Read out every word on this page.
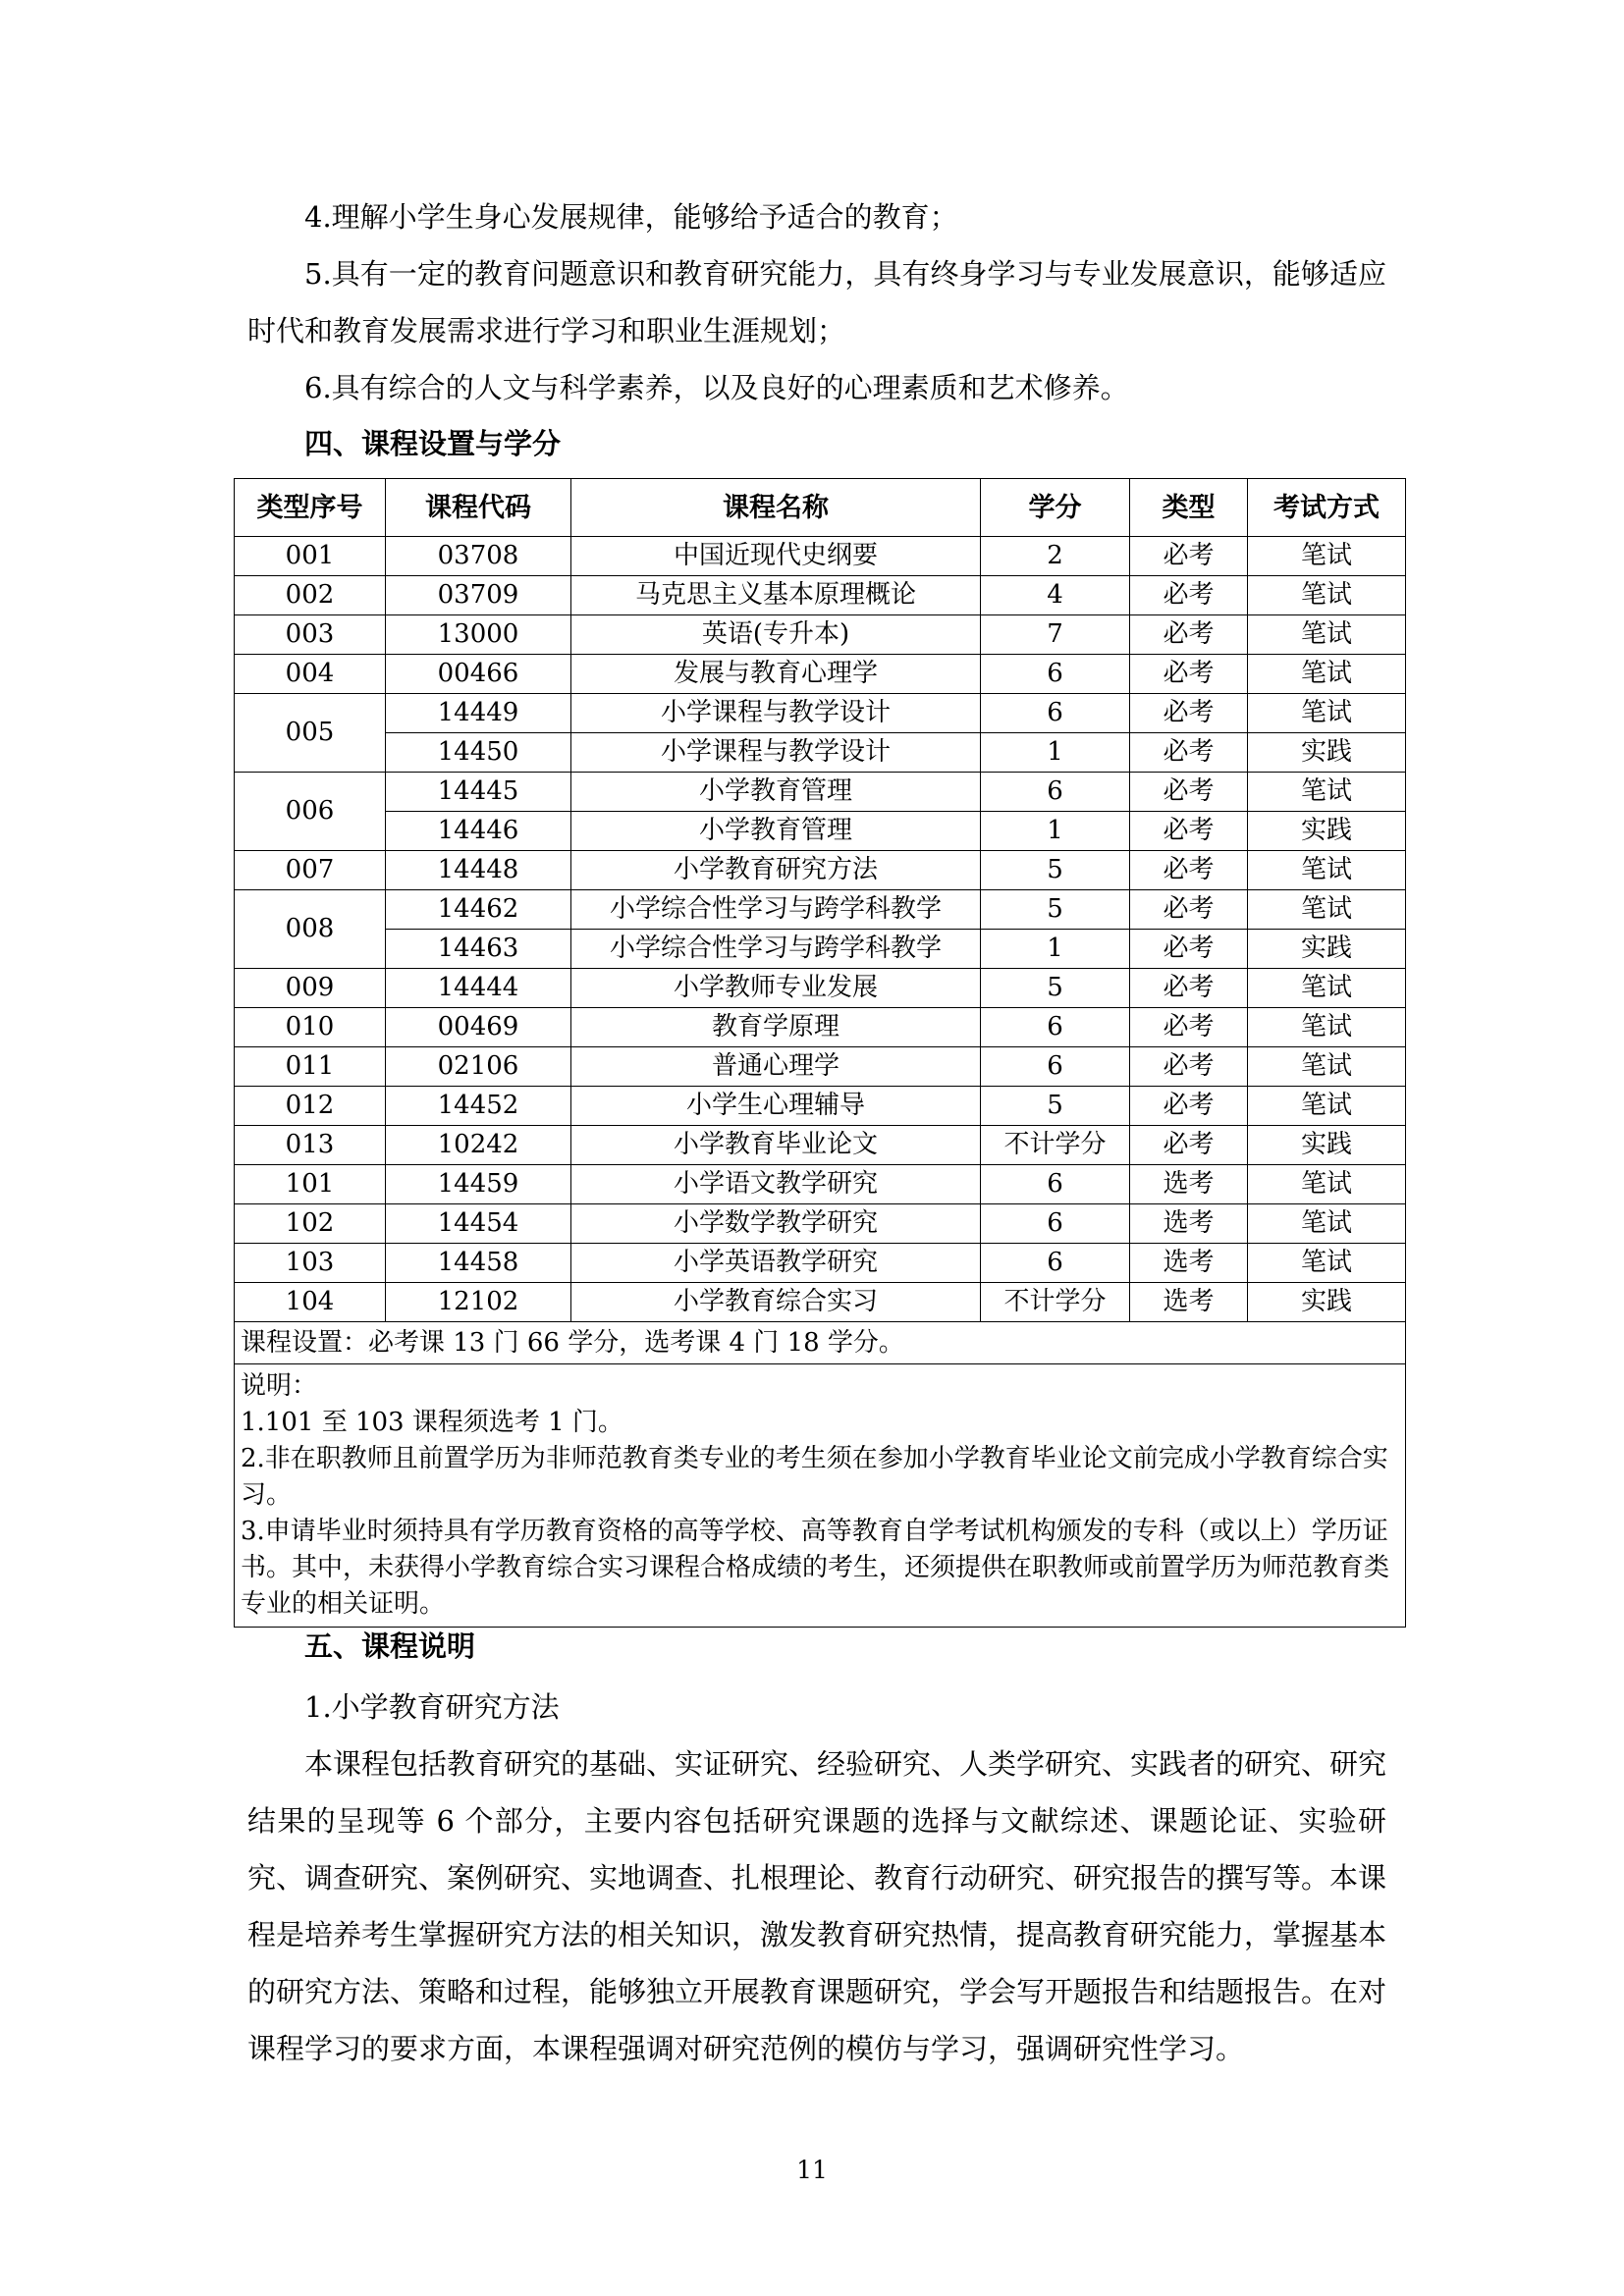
4.理解小学生身心发展规律，能够给予适合的教育；

5.具有一定的教育问题意识和教育研究能力，具有终身学习与专业发展意识，能够适应时代和教育发展需求进行学习和职业生涯规划；

6.具有综合的人文与科学素养，以及良好的心理素质和艺术修养。

四、课程设置与学分
类型序号	课程代码	课程名称	学分	类型	考试方式
001	03708	中国近现代史纲要	2	必考	笔试
002	03709	马克思主义基本原理概论	4	必考	笔试
003	13000	英语(专升本)	7	必考	笔试
004	00466	发展与教育心理学	6	必考	笔试
005	14449	小学课程与教学设计	6	必考	笔试
	14450	小学课程与教学设计	1	必考	实践
006	14445	小学教育管理	6	必考	笔试
	14446	小学教育管理	1	必考	实践
007	14448	小学教育研究方法	5	必考	笔试
008	14462	小学综合性学习与跨学科教学	5	必考	笔试
	14463	小学综合性学习与跨学科教学	1	必考	实践
009	14444	小学教师专业发展	5	必考	笔试
010	00469	教育学原理	6	必考	笔试
011	02106	普通心理学	6	必考	笔试
012	14452	小学生心理辅导	5	必考	笔试
013	10242	小学教育毕业论文	不计学分	必考	实践
101	14459	小学语文教学研究	6	选考	笔试
102	14454	小学数学教学研究	6	选考	笔试
103	14458	小学英语教学研究	6	选考	笔试
104	12102	小学教育综合实习	不计学分	选考	实践
课程设置：必考课 13 门 66 学分，选考课 4 门 18 学分。					

说明：
1.101 至 103 课程须选考 1 门。
2.非在职教师且前置学历为非师范教育类专业的考生须在参加小学教育毕业论文前完成小学教育综合实习。
3.申请毕业时须持具有学历教育资格的高等学校、高等教育自学考试机构颁发的专科（或以上）学历证书。其中，未获得小学教育综合实习课程合格成绩的考生，还须提供在职教师或前置学历为师范教育类专业的相关证明。					
五、课程说明

1.小学教育研究方法

本课程包括教育研究的基础、实证研究、经验研究、人类学研究、实践者的研究、研究结果的呈现等 6 个部分，主要内容包括研究课题的选择与文献综述、课题论证、实验研究、调查研究、案例研究、实地调查、扎根理论、教育行动研究、研究报告的撰写等。本课程是培养考生掌握研究方法的相关知识，激发教育研究热情，提高教育研究能力，掌握基本的研究方法、策略和过程，能够独立开展教育课题研究，学会写开题报告和结题报告。在对课程学习的要求方面，本课程强调对研究范例的模仿与学习，强调研究性学习。

11
